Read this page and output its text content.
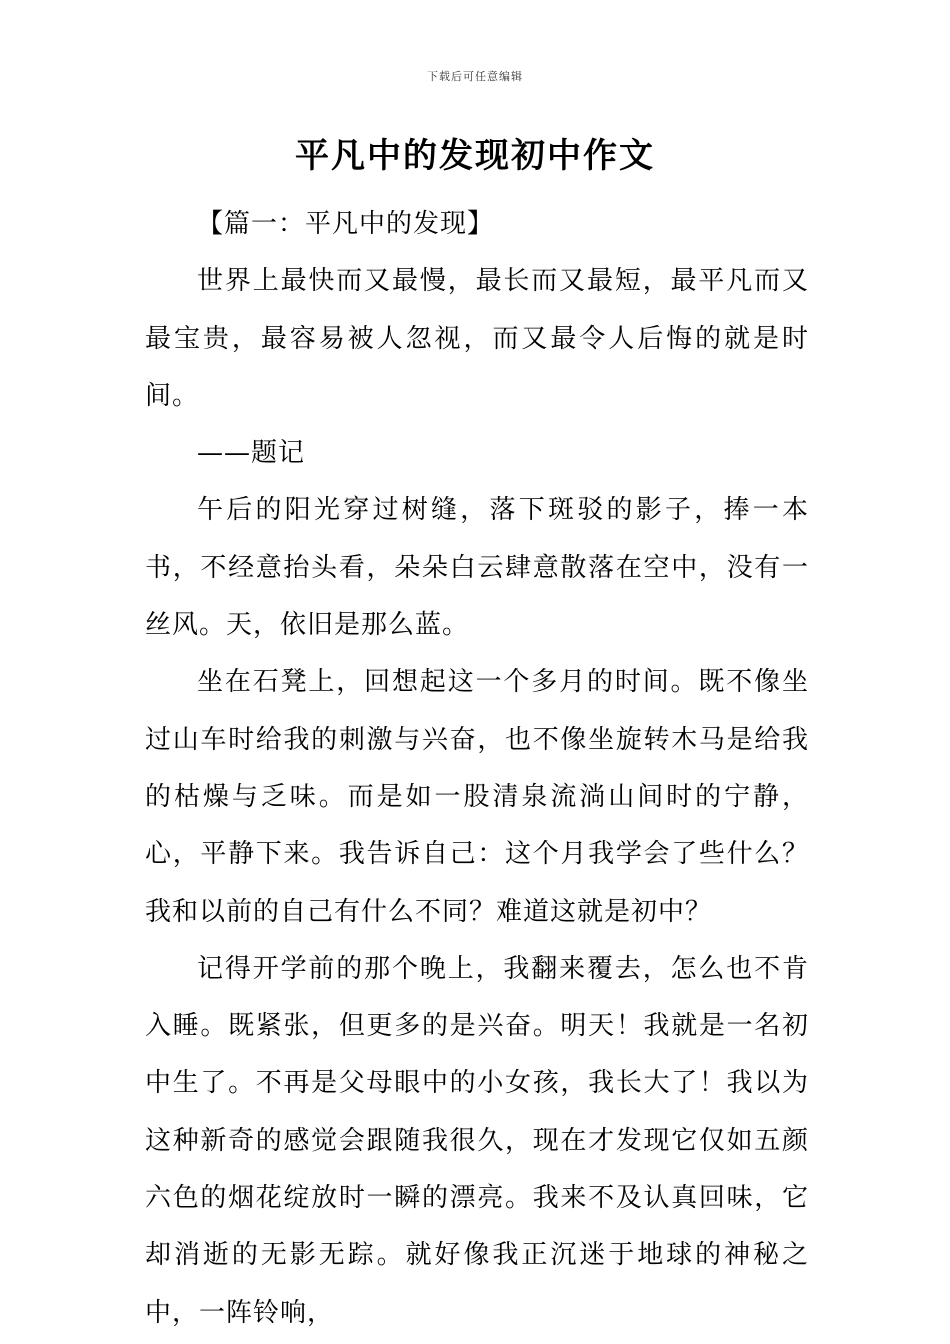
下载后可任意编辑
平凡中的发现初中作文

【篇一：平凡中的发现】

世界上最快而又最慢，最长而又最短，最平凡而又最宝贵，最容易被人忽视，而又最令人后悔的就是时间。

——题记

午后的阳光穿过树缝，落下斑驳的影子，捧一本书，不经意抬头看，朵朵白云肆意散落在空中，没有一丝风。天，依旧是那么蓝。

坐在石凳上，回想起这一个多月的时间。既不像坐过山车时给我的刺激与兴奋，也不像坐旋转木马是给我的枯燥与乏味。而是如一股清泉流淌山间时的宁静，心，平静下来。我告诉自己：这个月我学会了些什么？我和以前的自己有什么不同？难道这就是初中？

记得开学前的那个晚上，我翻来覆去，怎么也不肯入睡。既紧张，但更多的是兴奋。明天！我就是一名初中生了。不再是父母眼中的小女孩，我长大了！我以为这种新奇的感觉会跟随我很久，现在才发现它仅如五颜六色的烟花绽放时一瞬的漂亮。我来不及认真回味，它却消逝的无影无踪。就好像我正沉迷于地球的神秘之中，一阵铃响，
